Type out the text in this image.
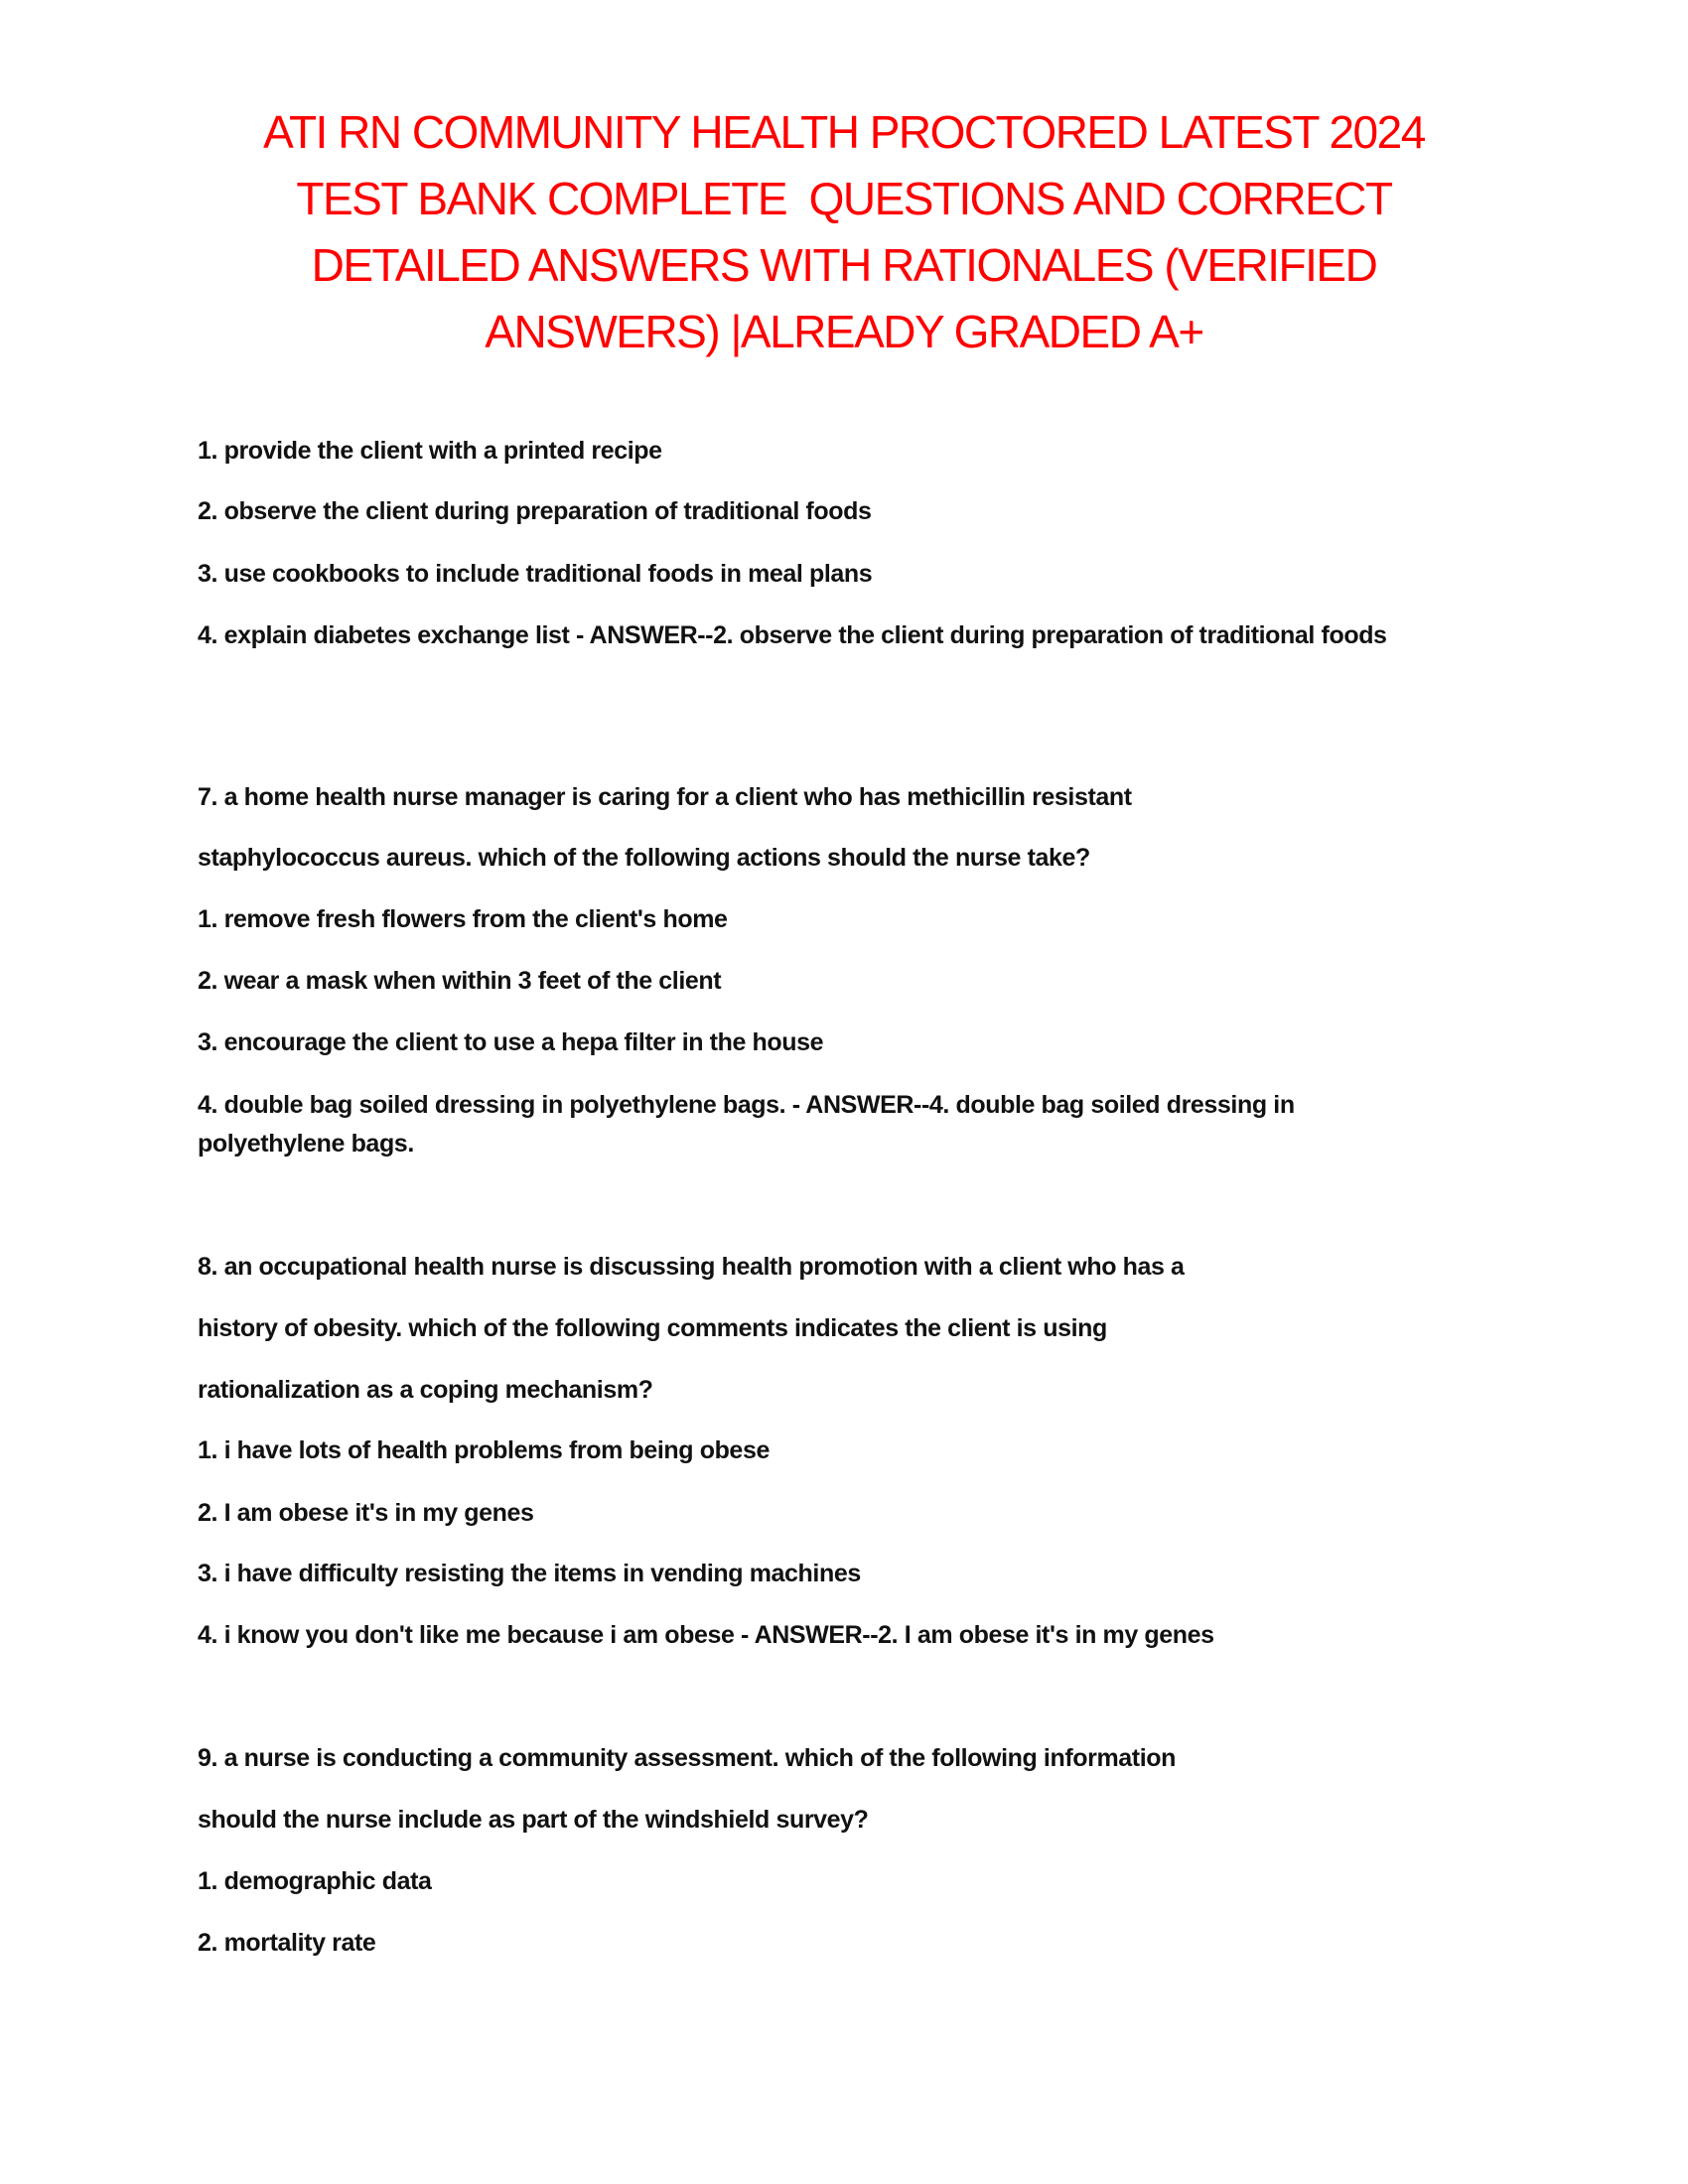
ATI RN COMMUNITY HEALTH PROCTORED LATEST 2024
TEST BANK COMPLETE  QUESTIONS AND CORRECT
DETAILED ANSWERS WITH RATIONALES (VERIFIED
ANSWERS) |ALREADY GRADED A+
1. provide the client with a printed recipe
2. observe the client during preparation of traditional foods
3. use cookbooks to include traditional foods in meal plans
4. explain diabetes exchange list - ANSWER--2. observe the client during preparation of traditional foods
7. a home health nurse manager is caring for a client who has methicillin resistant
staphylococcus aureus. which of the following actions should the nurse take?
1. remove fresh flowers from the client's home
2. wear a mask when within 3 feet of the client
3. encourage the client to use a hepa filter in the house
4. double bag soiled dressing in polyethylene bags. - ANSWER--4. double bag soiled dressing in polyethylene bags.
8. an occupational health nurse is discussing health promotion with a client who has a
history of obesity. which of the following comments indicates the client is using
rationalization as a coping mechanism?
1. i have lots of health problems from being obese
2. I am obese it's in my genes
3. i have difficulty resisting the items in vending machines
4. i know you don't like me because i am obese - ANSWER--2. I am obese it's in my genes
9. a nurse is conducting a community assessment. which of the following information
should the nurse include as part of the windshield survey?
1. demographic data
2. mortality rate
